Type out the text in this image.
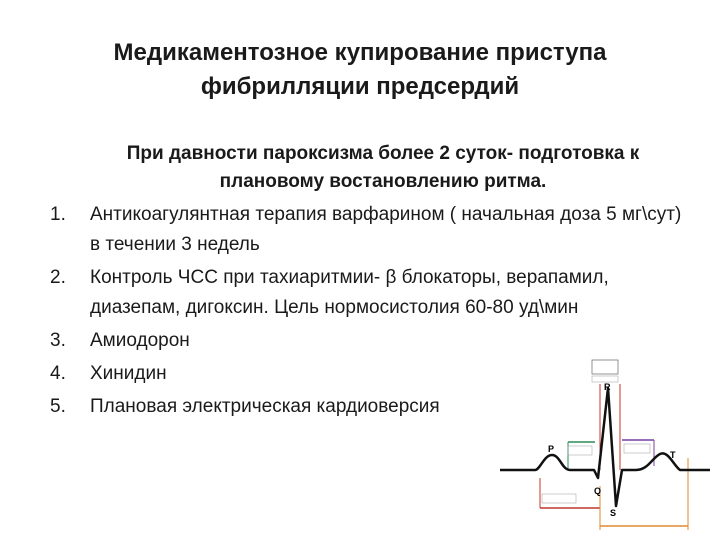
Медикаментозное купирование приступа
фибрилляции предсердий
При давности пароксизма более 2 суток- подготовка к
плановому востановлению ритма.
1. Антикоагулянтная терапия варфарином ( начальная доза 5 мг\сут) в течении 3 недель
2. Контроль ЧСС при тахиаритмии- β блокаторы, верапамил, диазепам, дигоксин. Цель нормосистолия 60-80 уд\мин
3. Амиодорон
4. Хинидин
5. Плановая электрическая кардиоверсия
P
R
Q
S
T
